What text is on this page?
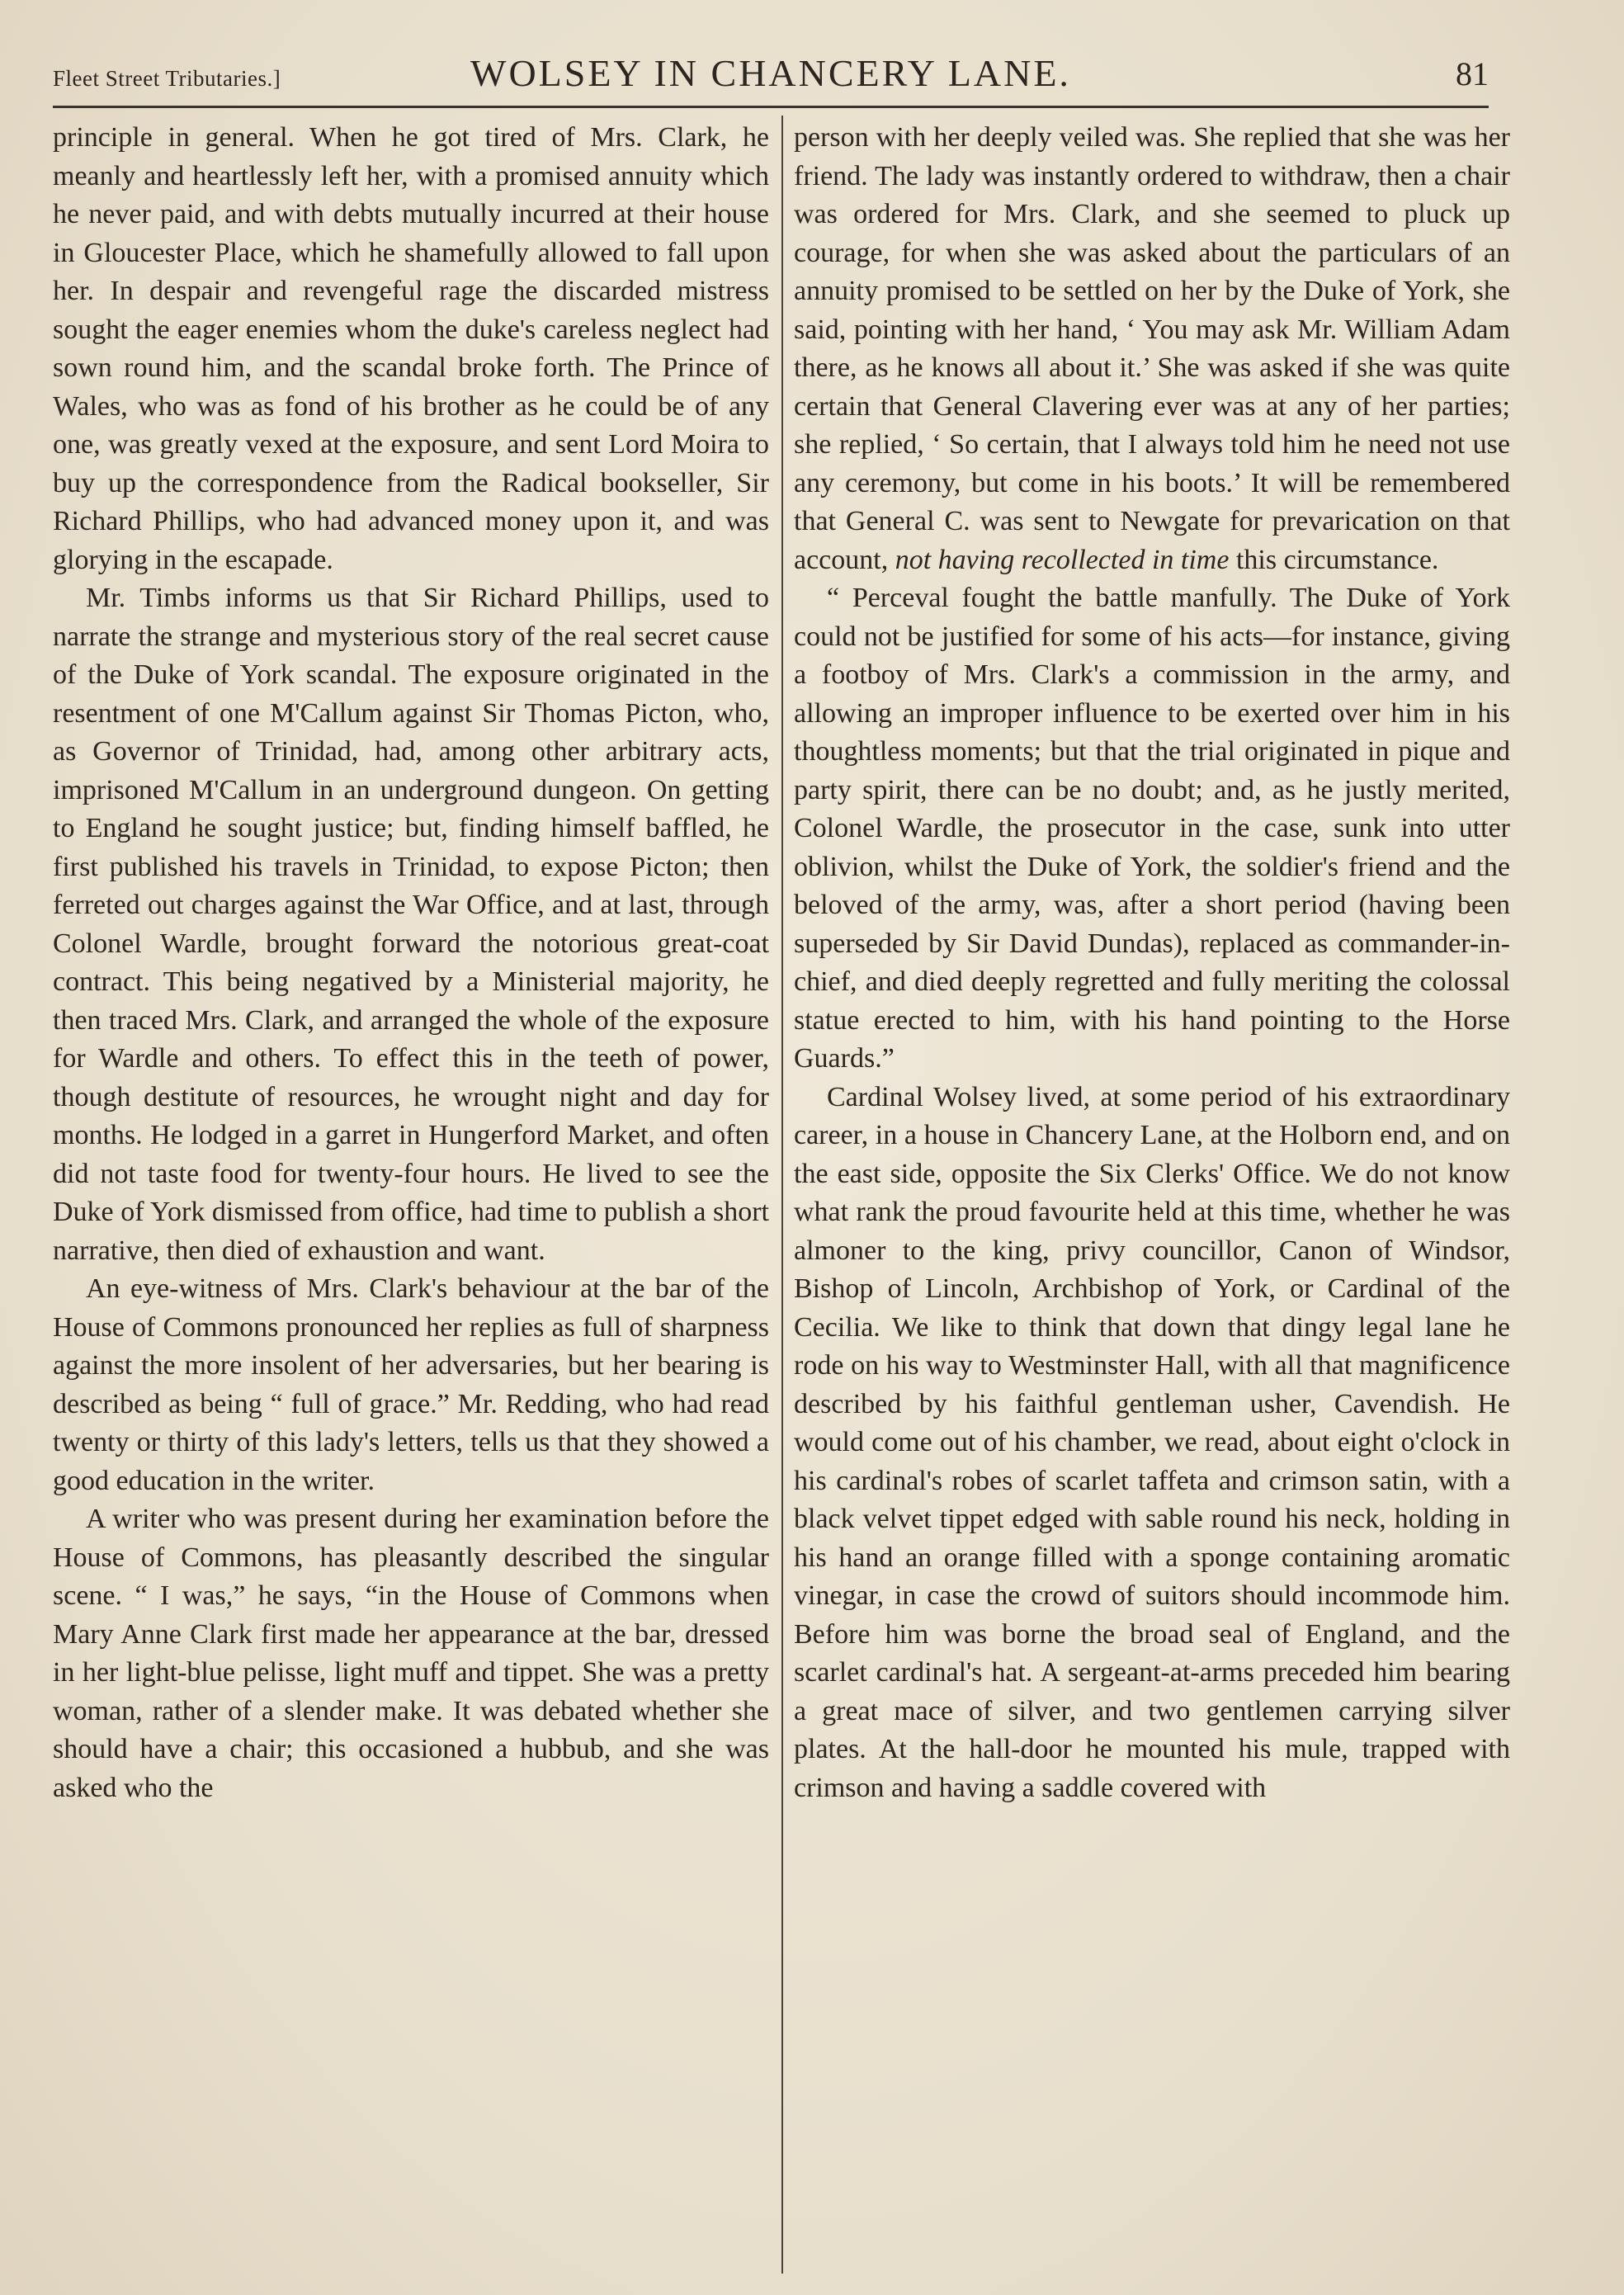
Fleet Street Tributaries.]	WOLSEY IN CHANCERY LANE.	81

principle in general. When he got tired of Mrs. Clark, he meanly and heartlessly left her, with a promised annuity which he never paid, and with debts mutually incurred at their house in Gloucester Place, which he shamefully allowed to fall upon her. In despair and revengeful rage the discarded mistress sought the eager enemies whom the duke's careless neglect had sown round him, and the scandal broke forth. The Prince of Wales, who was as fond of his brother as he could be of any one, was greatly vexed at the exposure, and sent Lord Moira to buy up the correspondence from the Radical bookseller, Sir Richard Phillips, who had advanced money upon it, and was glorying in the escapade.

Mr. Timbs informs us that Sir Richard Phillips, used to narrate the strange and mysterious story of the real secret cause of the Duke of York scandal. The exposure originated in the resentment of one M'Callum against Sir Thomas Picton, who, as Governor of Trinidad, had, among other arbitrary acts, imprisoned M'Callum in an underground dungeon. On getting to England he sought justice; but, finding himself baffled, he first published his travels in Trinidad, to expose Picton; then ferreted out charges against the War Office, and at last, through Colonel Wardle, brought forward the notorious great-coat contract. This being negatived by a Ministerial majority, he then traced Mrs. Clark, and arranged the whole of the exposure for Wardle and others. To effect this in the teeth of power, though destitute of resources, he wrought night and day for months. He lodged in a garret in Hungerford Market, and often did not taste food for twenty-four hours. He lived to see the Duke of York dismissed from office, had time to publish a short narrative, then died of exhaustion and want.

An eye-witness of Mrs. Clark's behaviour at the bar of the House of Commons pronounced her replies as full of sharpness against the more insolent of her adversaries, but her bearing is described as being “ full of grace.” Mr. Redding, who had read twenty or thirty of this lady's letters, tells us that they showed a good education in the writer.

A writer who was present during her examination before the House of Commons, has pleasantly described the singular scene. “ I was,” he says, “in the House of Commons when Mary Anne Clark first made her appearance at the bar, dressed in her light-blue pelisse, light muff and tippet. She was a pretty woman, rather of a slender make. It was debated whether she should have a chair; this occasioned a hubbub, and she was asked who the

person with her deeply veiled was. She replied that she was her friend. The lady was instantly ordered to withdraw, then a chair was ordered for Mrs. Clark, and she seemed to pluck up courage, for when she was asked about the particulars of an annuity promised to be settled on her by the Duke of York, she said, pointing with her hand, ‘ You may ask Mr. William Adam there, as he knows all about it.’ She was asked if she was quite certain that General Clavering ever was at any of her parties; she replied, ‘ So certain, that I always told him he need not use any ceremony, but come in his boots.’ It will be remembered that General C. was sent to Newgate for prevarication on that account, not having recollected in time this circumstance.

“ Perceval fought the battle manfully. The Duke of York could not be justified for some of his acts—for instance, giving a footboy of Mrs. Clark's a commission in the army, and allowing an improper influence to be exerted over him in his thoughtless moments; but that the trial originated in pique and party spirit, there can be no doubt; and, as he justly merited, Colonel Wardle, the prosecutor in the case, sunk into utter oblivion, whilst the Duke of York, the soldier's friend and the beloved of the army, was, after a short period (having been superseded by Sir David Dundas), replaced as commander-in-chief, and died deeply regretted and fully meriting the colossal statue erected to him, with his hand pointing to the Horse Guards.”

Cardinal Wolsey lived, at some period of his extraordinary career, in a house in Chancery Lane, at the Holborn end, and on the east side, opposite the Six Clerks' Office. We do not know what rank the proud favourite held at this time, whether he was almoner to the king, privy councillor, Canon of Windsor, Bishop of Lincoln, Archbishop of York, or Cardinal of the Cecilia. We like to think that down that dingy legal lane he rode on his way to Westminster Hall, with all that magnificence described by his faithful gentleman usher, Cavendish. He would come out of his chamber, we read, about eight o'clock in his cardinal's robes of scarlet taffeta and crimson satin, with a black velvet tippet edged with sable round his neck, holding in his hand an orange filled with a sponge containing aromatic vinegar, in case the crowd of suitors should incommode him. Before him was borne the broad seal of England, and the scarlet cardinal's hat. A sergeant-at-arms preceded him bearing a great mace of silver, and two gentlemen carrying silver plates. At the hall-door he mounted his mule, trapped with crimson and having a saddle covered with
